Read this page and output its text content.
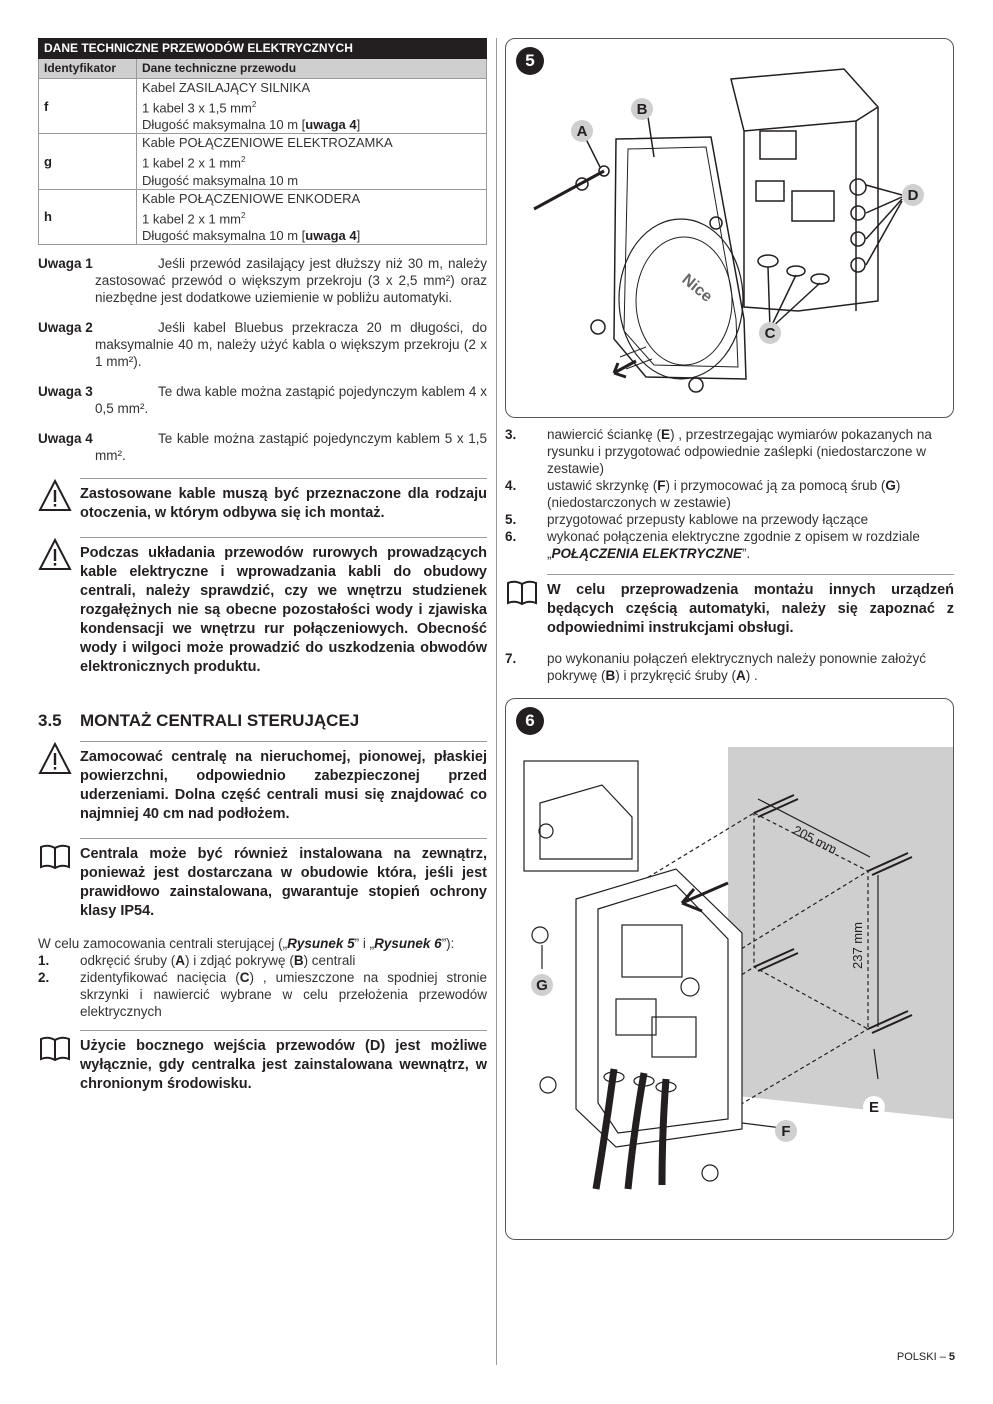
DANE TECHNICZNE PRZEWODÓW ELEKTRYCZNYCH	
Identyfikator	Dane techniczne przewodu
f	Kabel ZASILAJĄCY SILNIKA
1 kabel 3 x 1,5 $mm^2$
Długość maksymalna 10 m [uwaga 4]

g	Kable POŁĄCZENIOWE ELEKTROZAMKA
1 kabel 2 x 1 $mm^2$
Długość maksymalna 10 m

h	Kable POŁĄCZENIOWE ENKODERA
1 kabel 2 x 1 $mm^2$
Długość maksymalna 10 m [uwaga 4]
Uwaga 1	Jeśli przewód zasilający jest dłuższy niż 30 m, należy zastosować przewód o większym przekroju (3 x 2,5 mm²) oraz niezbędne jest dodatkowe uziemienie w pobliżu automatyki.
Uwaga 2	Jeśli kabel Bluebus przekracza 20 m długości, do maksymalnie 40 m, należy użyć kabla o większym przekroju (2 x 1 mm²).
Uwaga 3	Te dwa kable można zastąpić pojedynczym kablem 4 x 0,5 mm².
Uwaga 4	Te kable można zastąpić pojedynczym kablem 5 x 1,5 mm².
Zastosowane kable muszą być przeznaczone dla rodzaju otoczenia, w którym odbywa się ich montaż.
Podczas układania przewodów rurowych prowadzących kable elektryczne i wprowadzania kabli do obudowy centrali, należy sprawdzić, czy we wnętrzu studzienek rozgałężnych nie są obecne pozostałości wody i zjawiska kondensacji we wnętrzu rur połączeniowych. Obecność wody i wilgoci może prowadzić do uszkodzenia obwodów elektronicznych produktu.
3.5 MONTAŻ CENTRALI STERUJĄCEJ
Zamocować centralę na nieruchomej, pionowej, płaskiej powierzchni, odpowiednio zabezpieczonej przed uderzeniami. Dolna część centrali musi się znajdować co najmniej 40 cm nad podłożem.
Centrala może być również instalowana na zewnątrz, ponieważ jest dostarczana w obudowie która, jeśli jest prawidłowo zainstalowana, gwarantuje stopień ochrony klasy IP54.
W celu zamocowania centrali sterującej („Rysunek 5” i „Rysunek 6”):
1. odkręcić śruby (A) i zdjąć pokrywę (B) centrali
2. zidentyfikować nacięcia (C) , umieszczone na spodniej stronie skrzynki i nawiercić wybrane w celu przełożenia przewodów elektrycznych
Użycie bocznego wejścia przewodów (D) jest możliwe wyłącznie, gdy centralka jest zainstalowana wewnątrz, w chronionym środowisku.
5
Nice
B
A
D
C
3. nawiercić ściankę (E) , przestrzegając wymiarów pokazanych na rysunku i przygotować odpowiednie zaślepki (niedostarczone w zestawie)
4. ustawić skrzynkę (F) i przymocować ją za pomocą śrub (G) (niedostarczonych w zestawie)
5. przygotować przepusty kablowe na przewody łączące
6. wykonać połączenia elektryczne zgodnie z opisem w rozdziale „POŁĄCZENIA ELEKTRYCZNE”.
W celu przeprowadzenia montażu innych urządzeń będących częścią automatyki, należy się zapoznać z odpowiednimi instrukcjami obsługi.
7. po wykonaniu połączeń elektrycznych należy ponownie założyć pokrywę (B) i przykręcić śruby (A) .
6
205 mm
237 mm
G
F
E
POLSKI – 5
